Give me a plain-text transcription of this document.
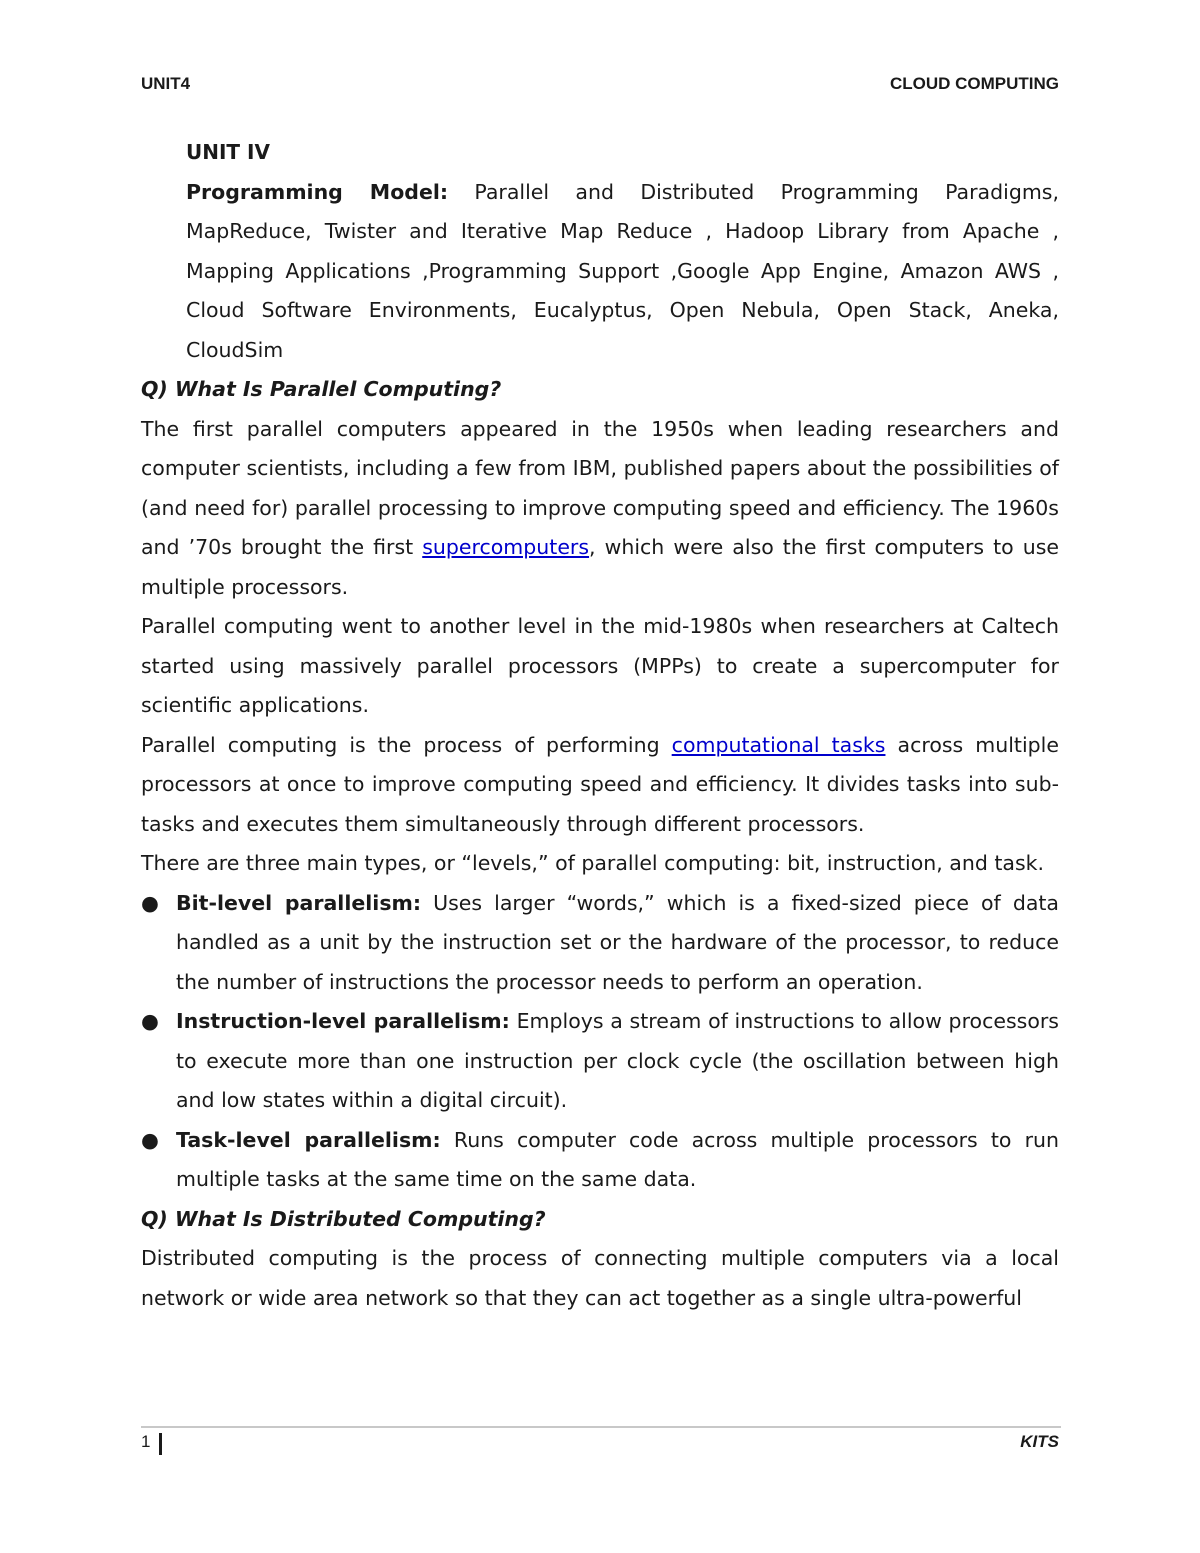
UNIT4	CLOUD COMPUTING

UNIT IV

Programming Model: Parallel and Distributed Programming Paradigms, MapReduce, Twister and Iterative Map Reduce , Hadoop Library from Apache , Mapping Applications ,Programming Support ,Google App Engine, Amazon AWS , Cloud Software Environments, Eucalyptus, Open Nebula, Open Stack, Aneka, CloudSim

Q) What Is Parallel Computing?

The first parallel computers appeared in the 1950s when leading researchers and computer scientists, including a few from IBM, published papers about the possibilities of (and need for) parallel processing to improve computing speed and efficiency. The 1960s and ’70s brought the first supercomputers, which were also the first computers to use multiple processors.

Parallel computing went to another level in the mid-1980s when researchers at Caltech started using massively parallel processors (MPPs) to create a supercomputer for scientific applications.

Parallel computing is the process of performing computational tasks across multiple processors at once to improve computing speed and efficiency. It divides tasks into sub-tasks and executes them simultaneously through different processors.

There are three main types, or “levels,” of parallel computing: bit, instruction, and task.

● Bit-level parallelism: Uses larger “words,” which is a fixed-sized piece of data handled as a unit by the instruction set or the hardware of the processor, to reduce the number of instructions the processor needs to perform an operation.
● Instruction-level parallelism: Employs a stream of instructions to allow processors to execute more than one instruction per clock cycle (the oscillation between high and low states within a digital circuit).
● Task-level parallelism: Runs computer code across multiple processors to run multiple tasks at the same time on the same data.

Q) What Is Distributed Computing?

Distributed computing is the process of connecting multiple computers via a local network or wide area network so that they can act together as a single ultra-powerful

1	KITS
